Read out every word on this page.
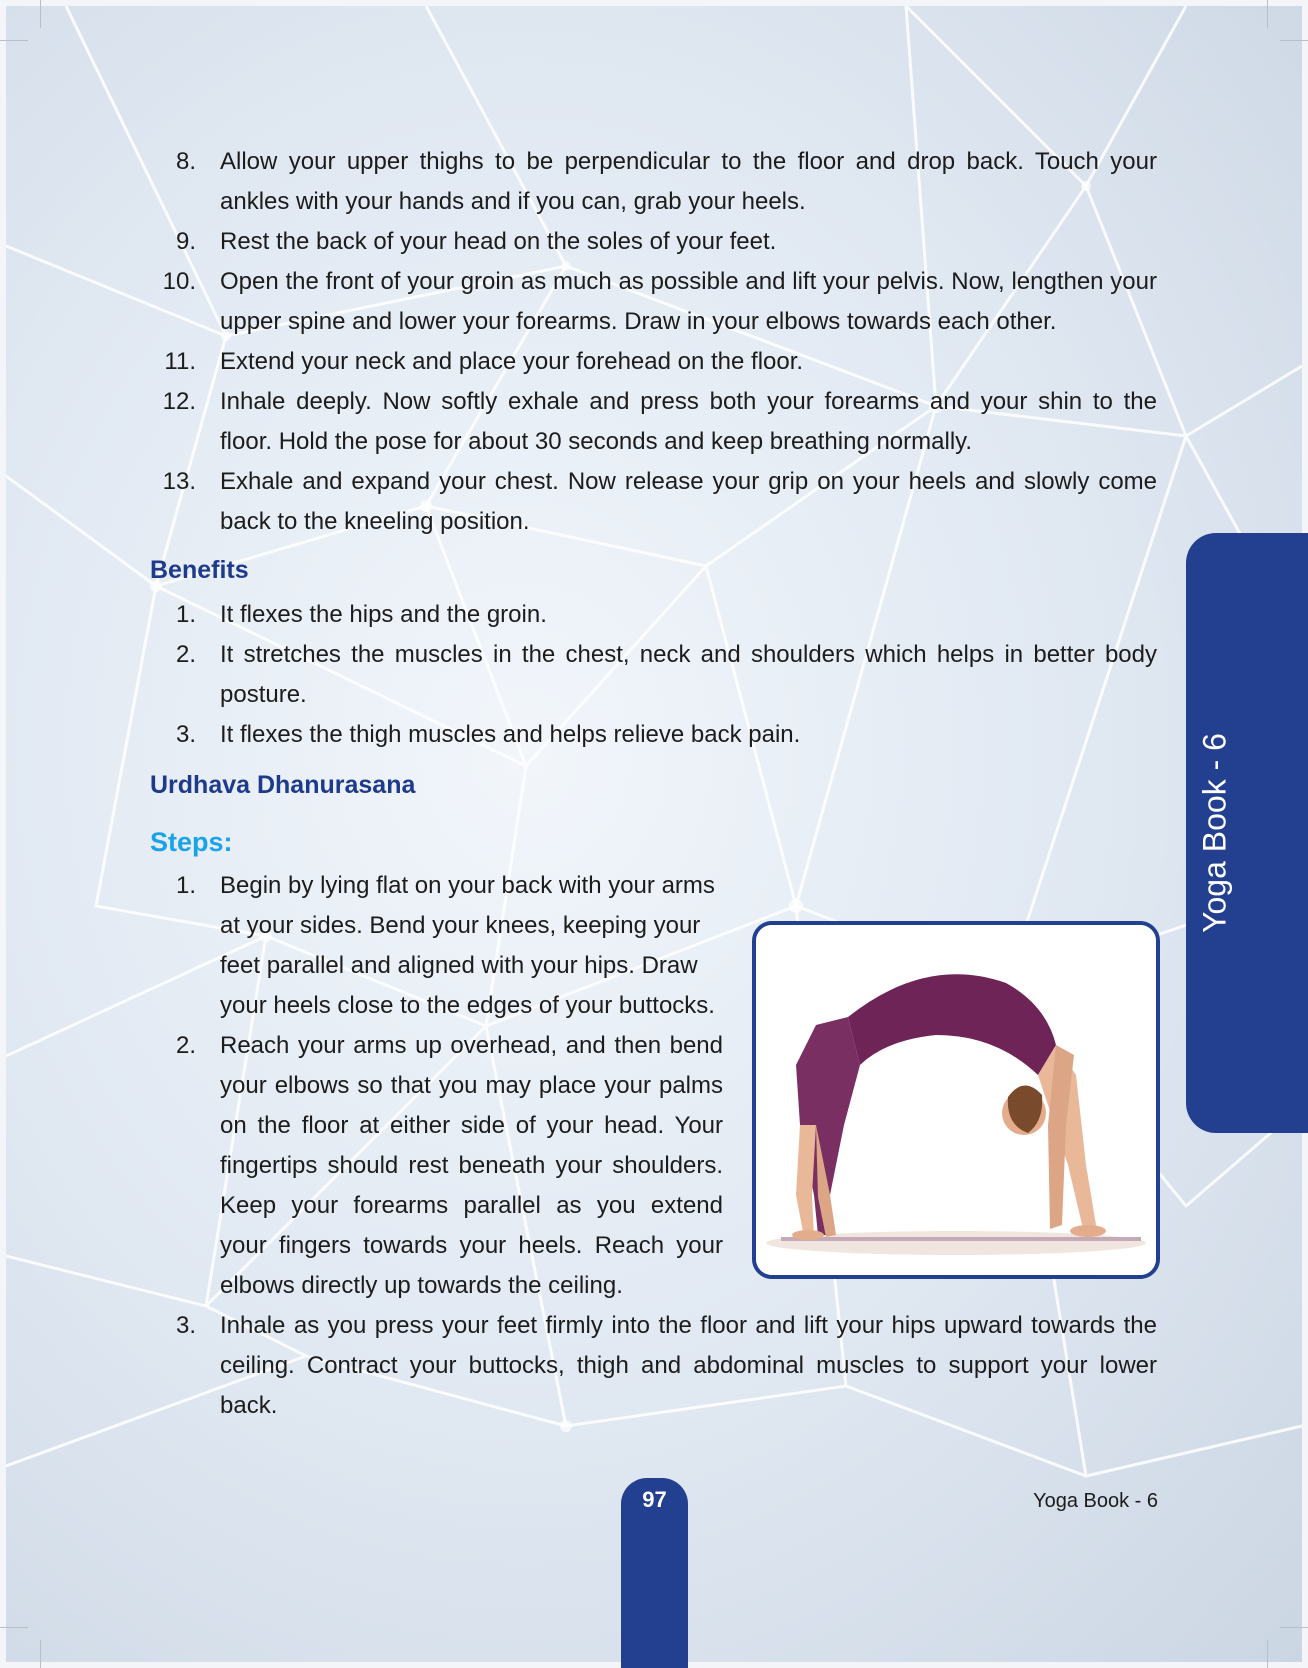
8. Allow your upper thighs to be perpendicular to the floor and drop back. Touch your ankles with your hands and if you can, grab your heels.
9. Rest the back of your head on the soles of your feet.
10. Open the front of your groin as much as possible and lift your pelvis. Now, lengthen your upper spine and lower your forearms. Draw in your elbows towards each other.
11. Extend your neck and place your forehead on the floor.
12. Inhale deeply. Now softly exhale and press both your forearms and your shin to the floor. Hold the pose for about 30 seconds and keep breathing normally.
13. Exhale and expand your chest. Now release your grip on your heels and slowly come back to the kneeling position.
Benefits
1. It flexes the hips and the groin.
2. It stretches the muscles in the chest, neck and shoulders which helps in better body posture.
3. It flexes the thigh muscles and helps relieve back pain.
Urdhava Dhanurasana
Steps:
1. Begin by lying flat on your back with your arms at your sides. Bend your knees, keeping your feet parallel and aligned with your hips. Draw your heels close to the edges of your buttocks.
2. Reach your arms up overhead, and then bend your elbows so that you may place your palms on the floor at either side of your head. Your fingertips should rest beneath your shoulders. Keep your forearms parallel as you extend your fingers towards your heels. Reach your elbows directly up towards the ceiling.
3. Inhale as you press your feet firmly into the floor and lift your hips upward towards the ceiling. Contract your buttocks, thigh and abdominal muscles to support your lower back.
Yoga Book - 6
97	Yoga Book - 6
